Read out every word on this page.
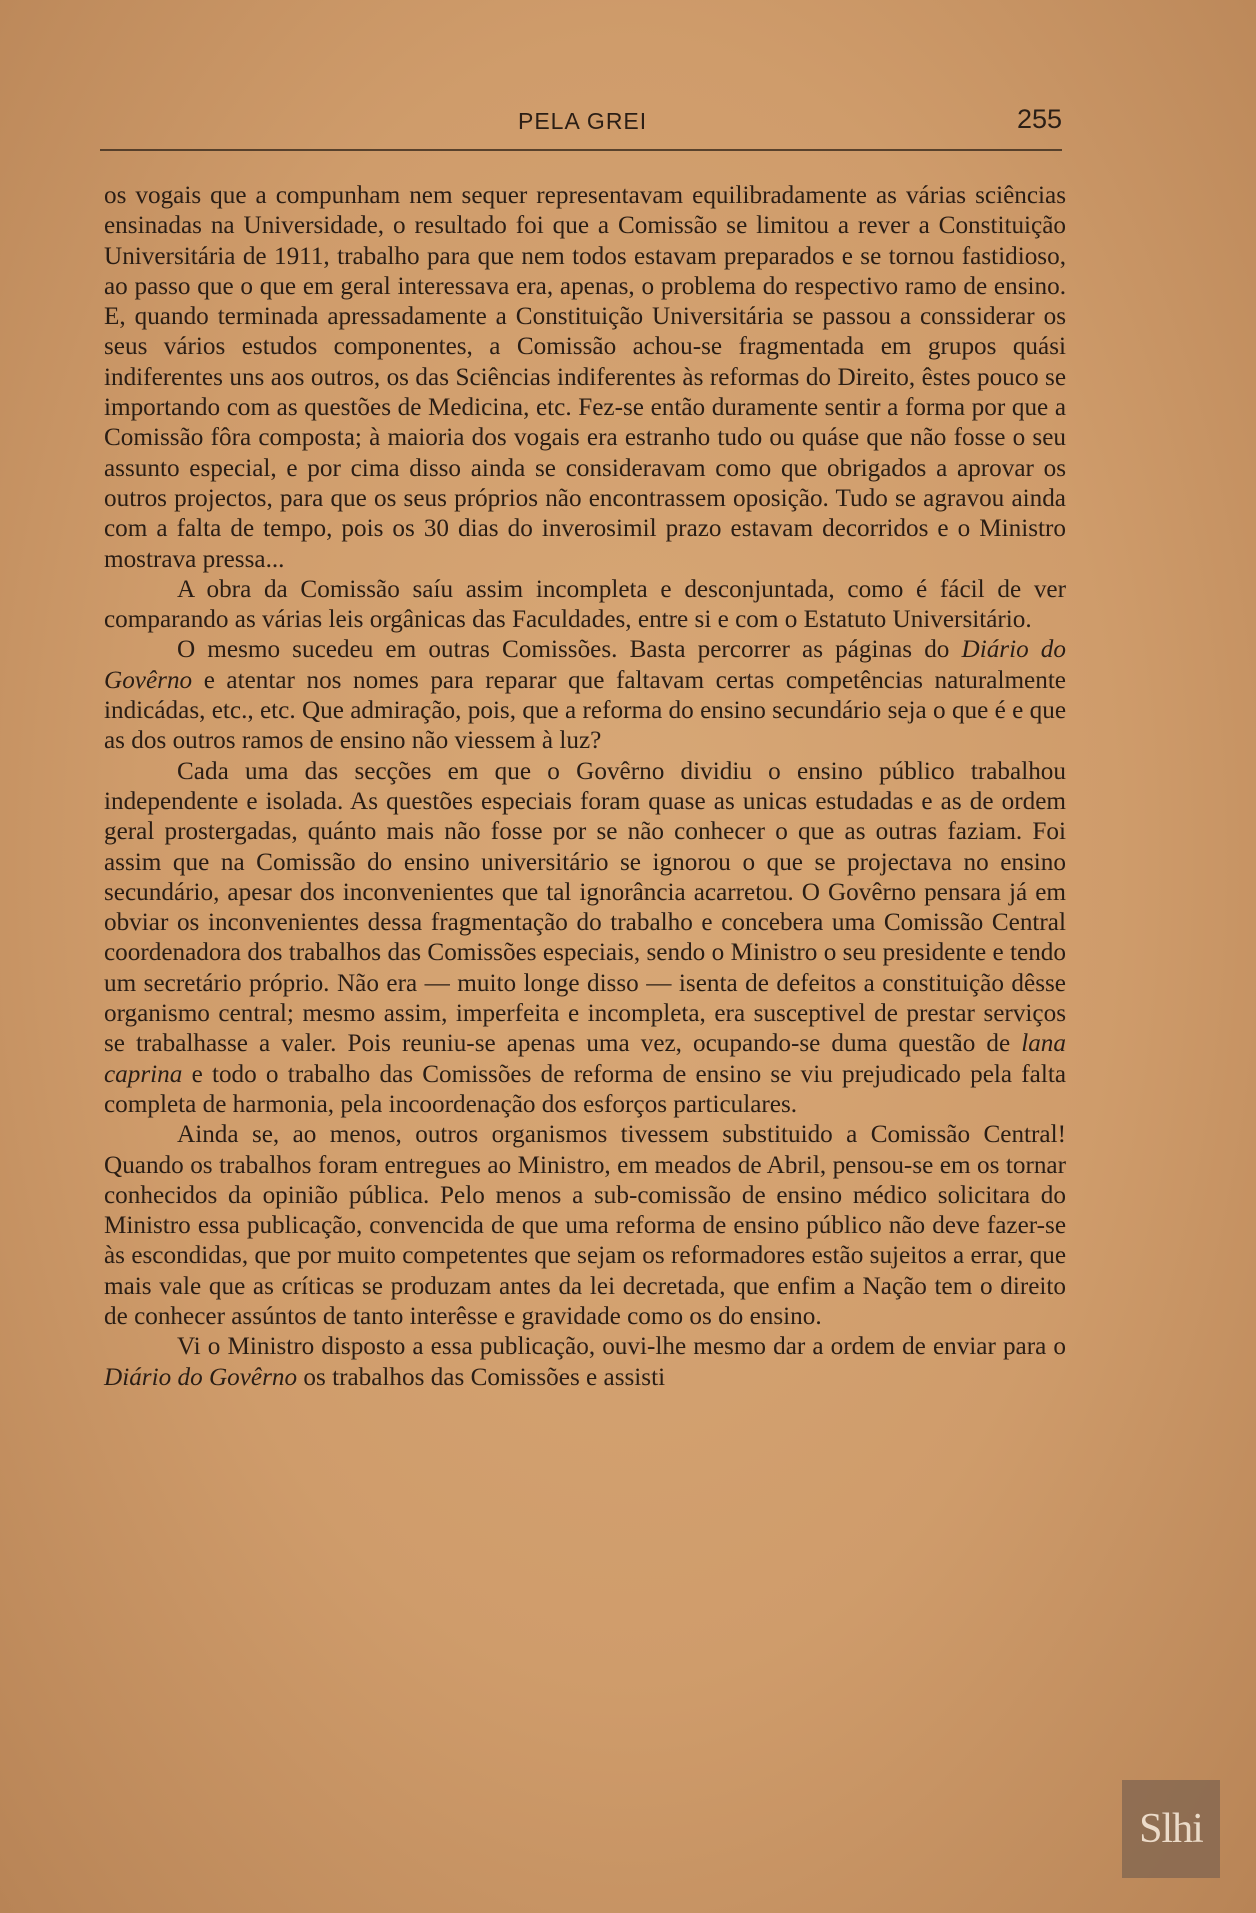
PELA GREI	255

os vogais que a compunham nem sequer representavam equilibradamente as várias sciências ensinadas na Universidade, o resultado foi que a Comissão se limitou a rever a Constituição Universitária de 1911, trabalho para que nem todos estavam preparados e se tornou fastidioso, ao passo que o que em geral interessava era, apenas, o problema do respectivo ramo de ensino. E, quando terminada apressadamente a Constituição Universitária se passou a conssiderar os seus vários estudos componentes, a Comissão achou-se fragmentada em grupos quási indiferentes uns aos outros, os das Sciências indiferentes às reformas do Direito, êstes pouco se importando com as questões de Medicina, etc. Fez-se então duramente sentir a forma por que a Comissão fôra composta; à maioria dos vogais era estranho tudo ou quáse que não fosse o seu assunto especial, e por cima disso ainda se consideravam como que obrigados a aprovar os outros projectos, para que os seus próprios não encontrassem oposição. Tudo se agravou ainda com a falta de tempo, pois os 30 dias do inverosimil prazo estavam decorridos e o Ministro mostrava pressa...

A obra da Comissão saíu assim incompleta e desconjuntada, como é fácil de ver comparando as várias leis orgânicas das Faculdades, entre si e com o Estatuto Universitário.

O mesmo sucedeu em outras Comissões. Basta percorrer as páginas do Diário do Govêrno e atentar nos nomes para reparar que faltavam certas competências naturalmente indicádas, etc., etc. Que admiração, pois, que a reforma do ensino secundário seja o que é e que as dos outros ramos de ensino não viessem à luz?

Cada uma das secções em que o Govêrno dividiu o ensino público trabalhou independente e isolada. As questões especiais foram quase as unicas estudadas e as de ordem geral prostergadas, quánto mais não fosse por se não conhecer o que as outras faziam. Foi assim que na Comissão do ensino universitário se ignorou o que se projectava no ensino secundário, apesar dos inconvenientes que tal ignorância acarretou. O Govêrno pensara já em obviar os inconvenientes dessa fragmentação do trabalho e concebera uma Comissão Central coordenadora dos trabalhos das Comissões especiais, sendo o Ministro o seu presidente e tendo um secretário próprio. Não era — muito longe disso — isenta de defeitos a constituição dêsse organismo central; mesmo assim, imperfeita e incompleta, era susceptivel de prestar serviços se trabalhasse a valer. Pois reuniu-se apenas uma vez, ocupando-se duma questão de lana caprina e todo o trabalho das Comissões de reforma de ensino se viu prejudicado pela falta completa de harmonia, pela incoordenação dos esforços particulares.

Ainda se, ao menos, outros organismos tivessem substituido a Comissão Central! Quando os trabalhos foram entregues ao Ministro, em meados de Abril, pensou-se em os tornar conhecidos da opinião pública. Pelo menos a sub-comissão de ensino médico solicitara do Ministro essa publicação, convencida de que uma reforma de ensino público não deve fazer-se às escondidas, que por muito competentes que sejam os reformadores estão sujeitos a errar, que mais vale que as críticas se produzam antes da lei decretada, que enfim a Nação tem o direito de conhecer assúntos de tanto interêsse e gravidade como os do ensino.

Vi o Ministro disposto a essa publicação, ouvi-lhe mesmo dar a ordem de enviar para o Diário do Govêrno os trabalhos das Comissões e assisti

Slhi
